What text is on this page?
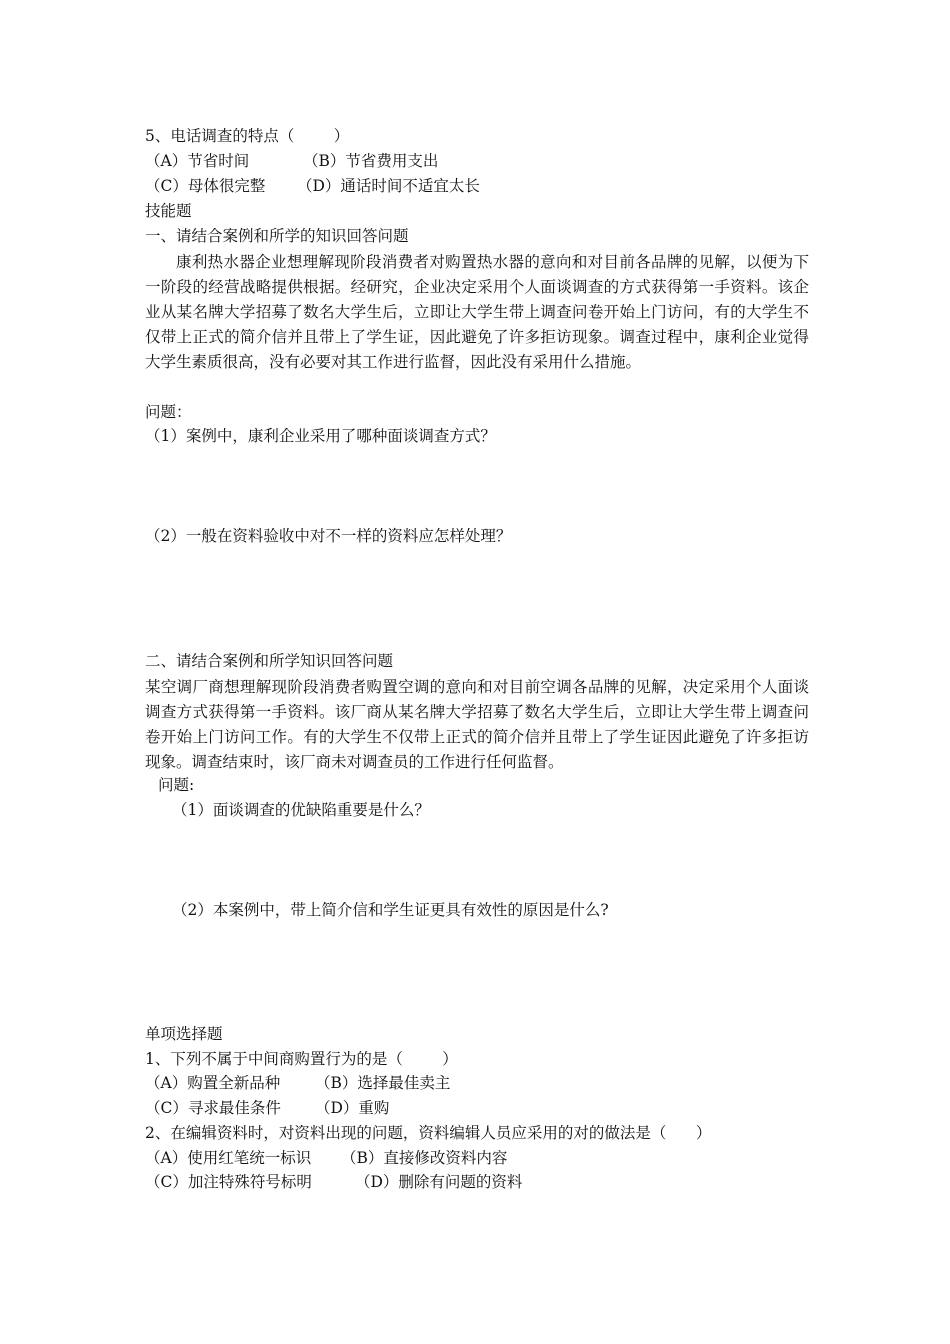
5、电话调查的特点（        ）
（A）节省时间	（B）节省费用支出
（C）母体很完整 （D）通话时间不适宜太长
技能题
一、请结合案例和所学的知识回答问题
康利热水器企业想理解现阶段消费者对购置热水器的意向和对目前各品牌的见解，以便为下一阶段的经营战略提供根据。经研究，企业决定采用个人面谈调查的方式获得第一手资料。该企业从某名牌大学招募了数名大学生后，立即让大学生带上调查问卷开始上门访问，有的大学生不仅带上正式的简介信并且带上了学生证，因此避免了许多拒访现象。调查过程中，康利企业觉得大学生素质很高，没有必要对其工作进行监督，因此没有采用什么措施。
问题：
（1）案例中，康利企业采用了哪种面谈调查方式？
（2）一般在资料验收中对不一样的资料应怎样处理？
二、请结合案例和所学知识回答问题
某空调厂商想理解现阶段消费者购置空调的意向和对目前空调各品牌的见解，决定采用个人面谈调查方式获得第一手资料。该厂商从某名牌大学招募了数名大学生后，立即让大学生带上调查问卷开始上门访问工作。有的大学生不仅带上正式的简介信并且带上了学生证因此避免了许多拒访现象。调查结束时，该厂商未对调查员的工作进行任何监督。
问题:
（1）面谈调查的优缺陷重要是什么？
（2）本案例中，带上简介信和学生证更具有效性的原因是什么?
单项选择题
1、下列不属于中间商购置行为的是（        ）
（A）购置全新品种 （B）选择最佳卖主
（C）寻求最佳条件 （D）重购
2、在编辑资料时，对资料出现的问题，资料编辑人员应采用的对的做法是（      ）
（A）使用红笔统一标识 （B）直接修改资料内容
（C）加注特殊符号标明	（D）删除有问题的资料
